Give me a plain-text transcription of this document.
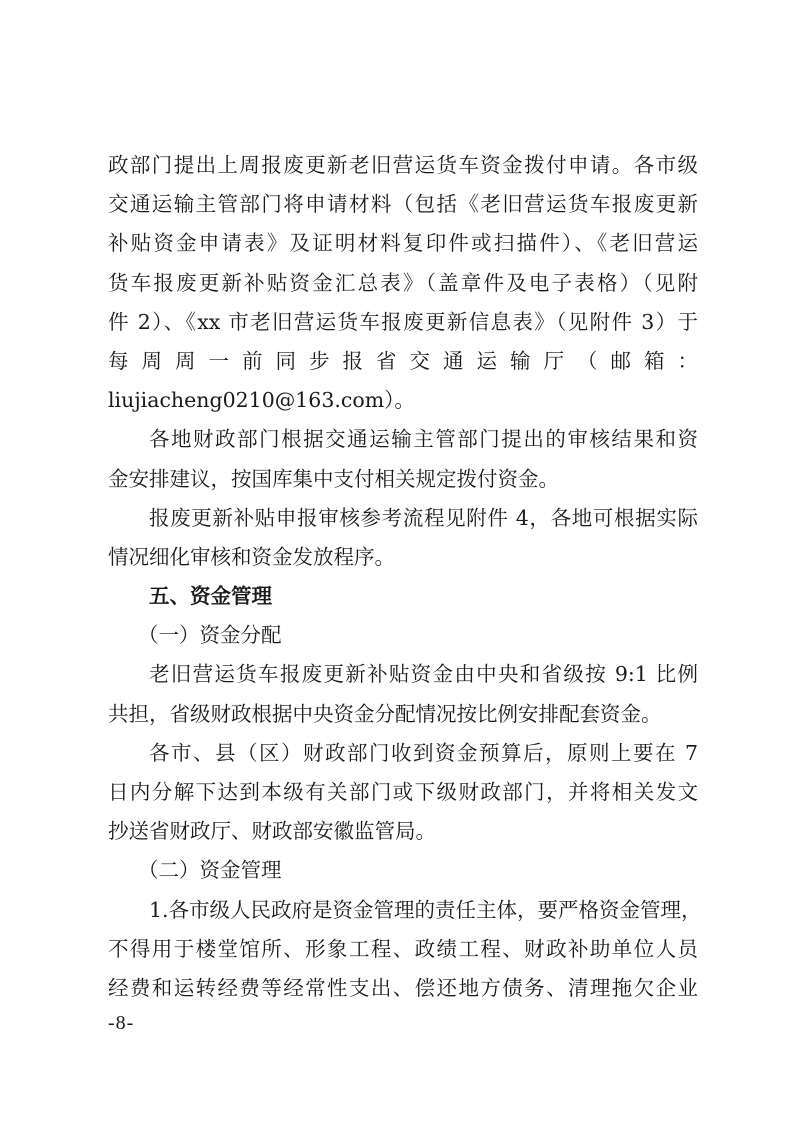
政部门提出上周报废更新老旧营运货车资金拨付申请。各市级
交通运输主管部门将申请材料（包括《老旧营运货车报废更新
补贴资金申请表》及证明材料复印件或扫描件）、《老旧营运
货车报废更新补贴资金汇总表》（盖章件及电子表格）（见附
件 2）、《xx 市老旧营运货车报废更新信息表》（见附件 3）于
每周周一前同步报省交通运输厅（邮箱：
liujiacheng0210@163.com）。
各地财政部门根据交通运输主管部门提出的审核结果和资
金安排建议，按国库集中支付相关规定拨付资金。
报废更新补贴申报审核参考流程见附件 4，各地可根据实际
情况细化审核和资金发放程序。
五、资金管理
（一）资金分配
老旧营运货车报废更新补贴资金由中央和省级按 9:1 比例
共担，省级财政根据中央资金分配情况按比例安排配套资金。
各市、县（区）财政部门收到资金预算后，原则上要在 7
日内分解下达到本级有关部门或下级财政部门，并将相关发文
抄送省财政厅、财政部安徽监管局。
（二）资金管理
1.各市级人民政府是资金管理的责任主体，要严格资金管理，
不得用于楼堂馆所、形象工程、政绩工程、财政补助单位人员
经费和运转经费等经常性支出、偿还地方债务、清理拖欠企业
-8-
